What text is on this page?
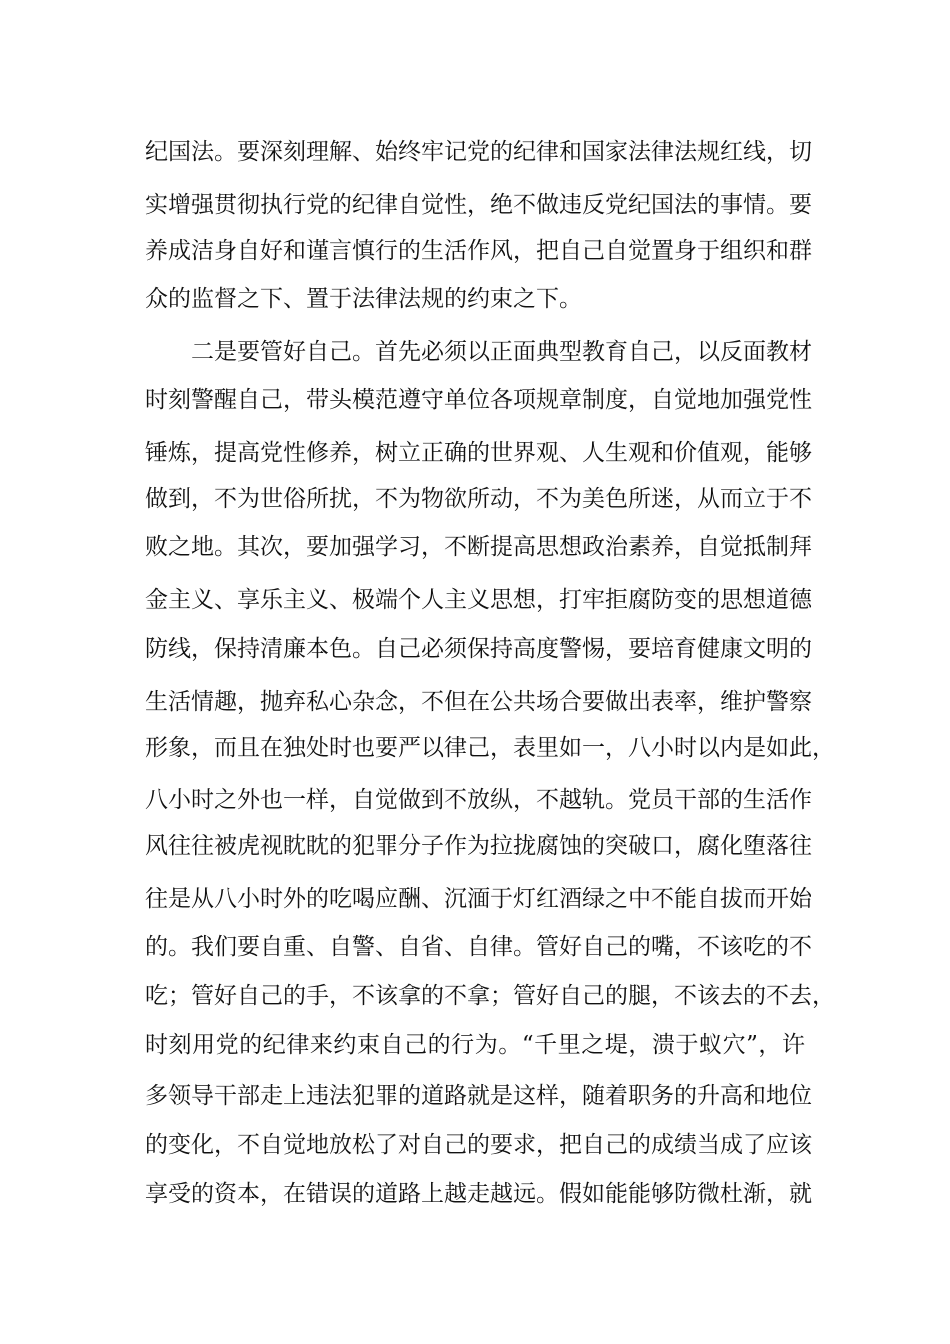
纪国法。要深刻理解、始终牢记党的纪律和国家法律法规红线，切
实增强贯彻执行党的纪律自觉性，绝不做违反党纪国法的事情。要
养成洁身自好和谨言慎行的生活作风，把自己自觉置身于组织和群
众的监督之下、置于法律法规的约束之下。
二是要管好自己。首先必须以正面典型教育自己，以反面教材
时刻警醒自己，带头模范遵守单位各项规章制度，自觉地加强党性
锤炼，提高党性修养，树立正确的世界观、人生观和价值观，能够
做到，不为世俗所扰，不为物欲所动，不为美色所迷，从而立于不
败之地。其次，要加强学习，不断提高思想政治素养，自觉抵制拜
金主义、享乐主义、极端个人主义思想，打牢拒腐防变的思想道德
防线，保持清廉本色。自己必须保持高度警惕，要培育健康文明的
生活情趣，抛弃私心杂念，不但在公共场合要做出表率，维护警察
形象，而且在独处时也要严以律己，表里如一，八小时以内是如此，
八小时之外也一样，自觉做到不放纵，不越轨。党员干部的生活作
风往往被虎视眈眈的犯罪分子作为拉拢腐蚀的突破口，腐化堕落往
往是从八小时外的吃喝应酬、沉湎于灯红酒绿之中不能自拔而开始
的。我们要自重、自警、自省、自律。管好自己的嘴，不该吃的不
吃；管好自己的手，不该拿的不拿；管好自己的腿，不该去的不去，
时刻用党的纪律来约束自己的行为。“千里之堤，溃于蚁穴”，许
多领导干部走上违法犯罪的道路就是这样，随着职务的升高和地位
的变化，不自觉地放松了对自己的要求，把自己的成绩当成了应该
享受的资本，在错误的道路上越走越远。假如能能够防微杜渐，就
